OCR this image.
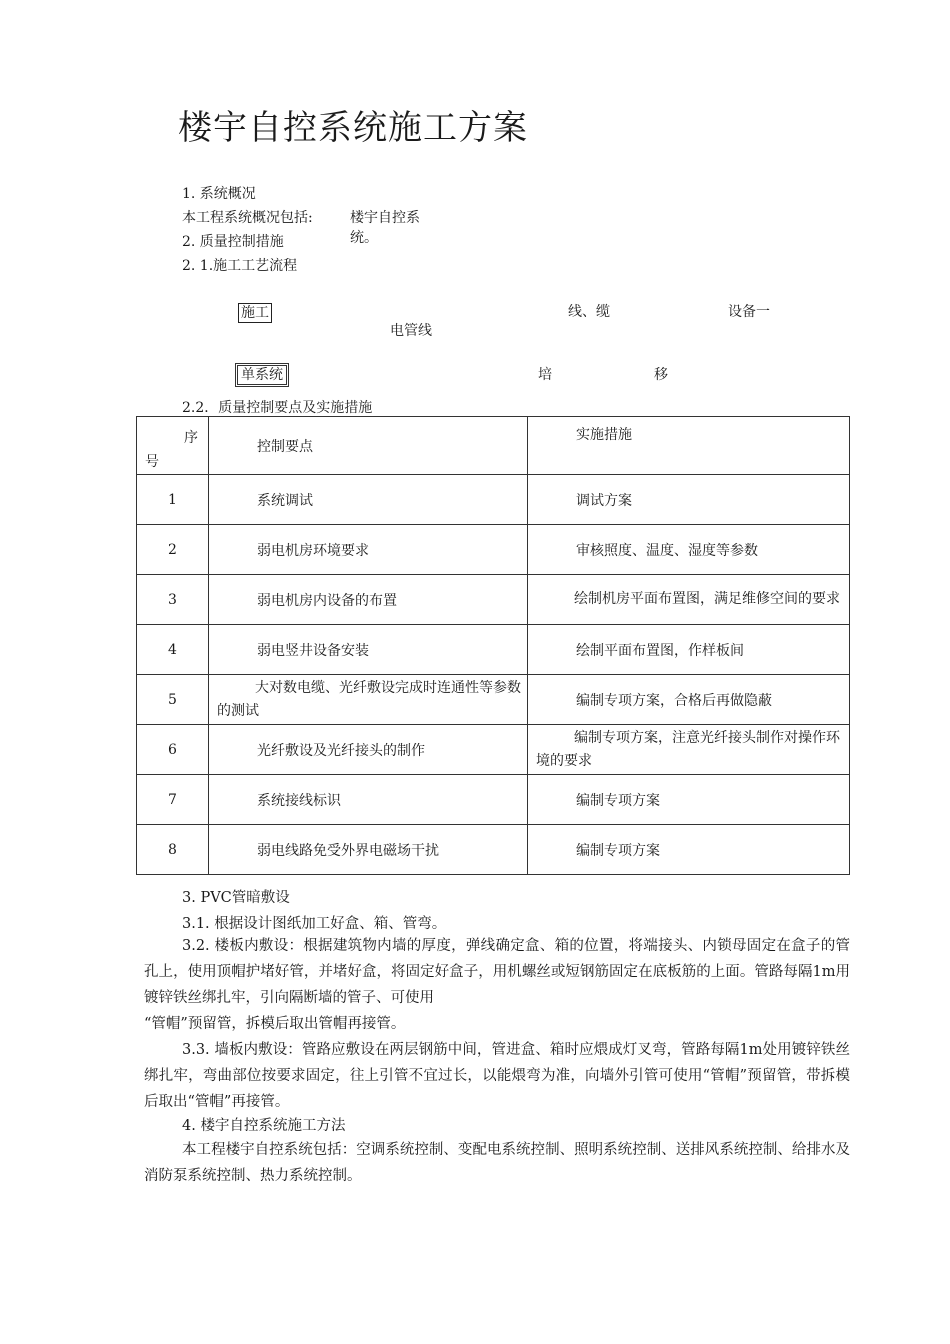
楼宇自控系统施工方案
1. 系统概况
本工程系统概况包括:	楼宇自控系
统。
2. 质量控制措施
2. 1.施工工艺流程
施工
电管线
线、缆	设备一
单系统	培	移
2.2．质量控制要点及实施措施
序
号	控制要点	实施措施
1	系统调试	调试方案
2	弱电机房环境要求	审核照度、温度、湿度等参数
3	弱电机房内设备的布置	绘制机房平面布置图，满足维修空间的要求
4	弱电竖井设备安装	绘制平面布置图，作样板间
5	大对数电缆、光纤敷设完成时连通性等参数的测试	编制专项方案，合格后再做隐蔽
6	光纤敷设及光纤接头的制作	编制专项方案，注意光纤接头制作对操作环境的要求
7	系统接线标识	编制专项方案
8	弱电线路免受外界电磁场干扰	编制专项方案
3. PVC管暗敷设
3.1. 根据设计图纸加工好盒、箱、管弯。
3.2. 楼板内敷设：根据建筑物内墙的厚度，弹线确定盒、箱的位置，将端接头、内锁母固定在盒子的管孔上，使用顶帽护堵好管，并堵好盒，将固定好盒子，用机螺丝或短钢筋固定在底板筋的上面。管路每隔1m用镀锌铁丝绑扎牢，引向隔断墙的管子、可使用
“管帽”预留管，拆模后取出管帽再接管。
3.3. 墙板内敷设：管路应敷设在两层钢筋中间，管进盒、箱时应煨成灯叉弯，管路每隔1m处用镀锌铁丝绑扎牢，弯曲部位按要求固定，往上引管不宜过长，以能煨弯为准，向墙外引管可使用“管帽”预留管，带拆模后取出“管帽”再接管。
4. 楼宇自控系统施工方法
本工程楼宇自控系统包括：空调系统控制、变配电系统控制、照明系统控制、送排风系统控制、给排水及消防泵系统控制、热力系统控制。
